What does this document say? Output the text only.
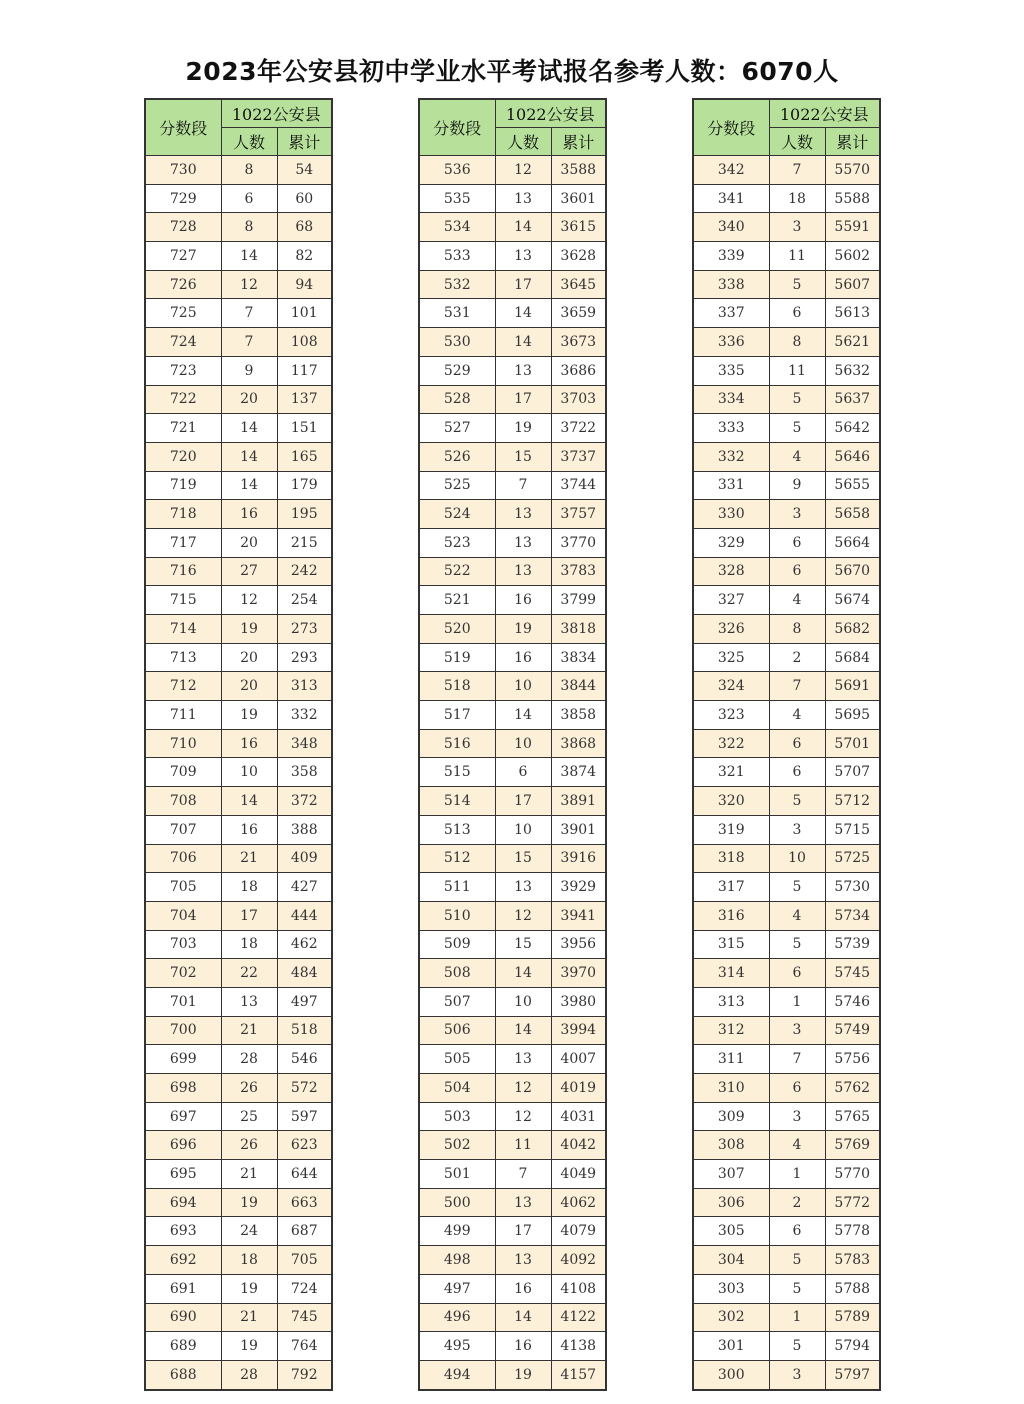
2023年公安县初中学业水平考试报名参考人数：6070人
分数段	1022公安县	
	人数	累计
730	8	54
729	6	60
728	8	68
727	14	82
726	12	94
725	7	101
724	7	108
723	9	117
722	20	137
721	14	151
720	14	165
719	14	179
718	16	195
717	20	215
716	27	242
715	12	254
714	19	273
713	20	293
712	20	313
711	19	332
710	16	348
709	10	358
708	14	372
707	16	388
706	21	409
705	18	427
704	17	444
703	18	462
702	22	484
701	13	497
700	21	518
699	28	546
698	26	572
697	25	597
696	26	623
695	21	644
694	19	663
693	24	687
692	18	705
691	19	724
690	21	745
689	19	764
688	28	792
分数段	1022公安县	
	人数	累计
536	12	3588
535	13	3601
534	14	3615
533	13	3628
532	17	3645
531	14	3659
530	14	3673
529	13	3686
528	17	3703
527	19	3722
526	15	3737
525	7	3744
524	13	3757
523	13	3770
522	13	3783
521	16	3799
520	19	3818
519	16	3834
518	10	3844
517	14	3858
516	10	3868
515	6	3874
514	17	3891
513	10	3901
512	15	3916
511	13	3929
510	12	3941
509	15	3956
508	14	3970
507	10	3980
506	14	3994
505	13	4007
504	12	4019
503	12	4031
502	11	4042
501	7	4049
500	13	4062
499	17	4079
498	13	4092
497	16	4108
496	14	4122
495	16	4138
494	19	4157
分数段	1022公安县	
	人数	累计
342	7	5570
341	18	5588
340	3	5591
339	11	5602
338	5	5607
337	6	5613
336	8	5621
335	11	5632
334	5	5637
333	5	5642
332	4	5646
331	9	5655
330	3	5658
329	6	5664
328	6	5670
327	4	5674
326	8	5682
325	2	5684
324	7	5691
323	4	5695
322	6	5701
321	6	5707
320	5	5712
319	3	5715
318	10	5725
317	5	5730
316	4	5734
315	5	5739
314	6	5745
313	1	5746
312	3	5749
311	7	5756
310	6	5762
309	3	5765
308	4	5769
307	1	5770
306	2	5772
305	6	5778
304	5	5783
303	5	5788
302	1	5789
301	5	5794
300	3	5797
